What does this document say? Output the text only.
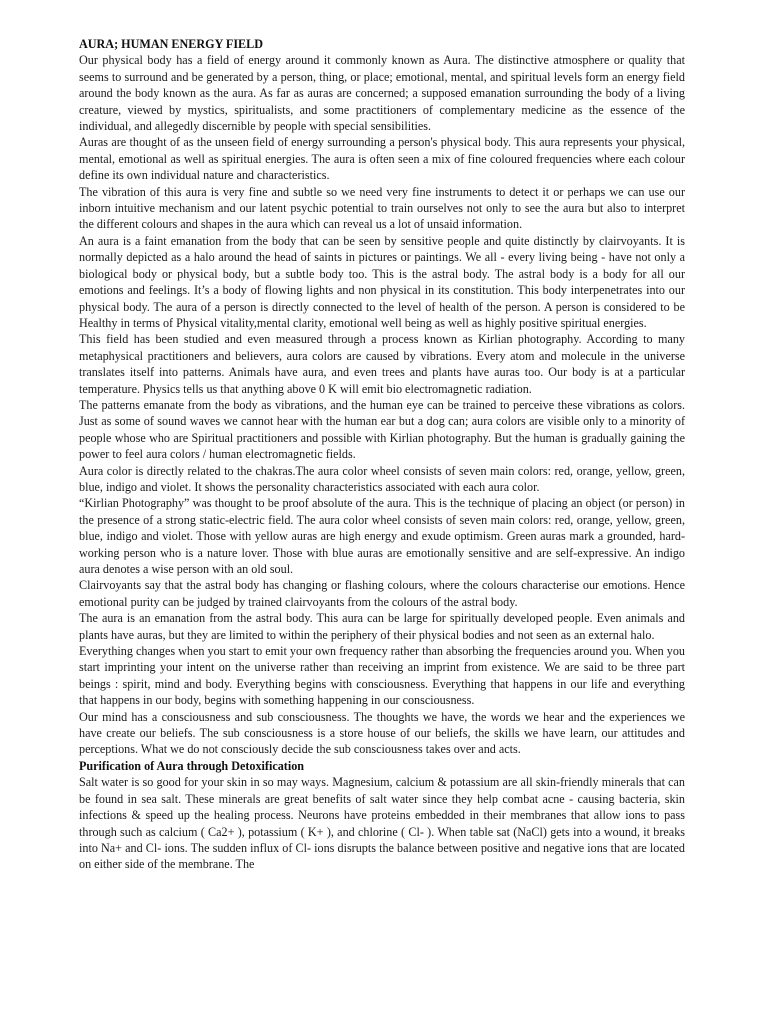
AURA; HUMAN ENERGY FIELD
Our physical body has a field of energy around it commonly known as Aura. The distinctive atmosphere or quality that seems to surround and be generated by a person, thing, or place; emotional, mental, and spiritual levels form an energy field around the body known as the aura. As far as auras are concerned; a supposed emanation surrounding the body of a living creature, viewed by mystics, spiritualists, and some practitioners of complementary medicine as the essence of the individual, and allegedly discernible by people with special sensibilities.
Auras are thought of as the unseen field of energy surrounding a person's physical body. This aura represents your physical, mental, emotional as well as spiritual energies. The aura is often seen a mix of fine coloured frequencies where each colour define its own individual nature and characteristics.
The vibration of this aura is very fine and subtle so we need very fine instruments to detect it or perhaps we can use our inborn intuitive mechanism and our latent psychic potential to train ourselves not only to see the aura but also to interpret the different colours and shapes in the aura which can reveal us a lot of unsaid information.
An aura is a faint emanation from the body that can be seen by sensitive people and quite distinctly by clairvoyants. It is normally depicted as a halo around the head of saints in pictures or paintings. We all - every living being - have not only a biological body or physical body, but a subtle body too. This is the astral body. The astral body is a body for all our emotions and feelings. It’s a body of flowing lights and non physical in its constitution. This body interpenetrates into our physical body. The aura of a person is directly connected to the level of health of the person. A person is considered to be Healthy in terms of Physical vitality,mental clarity, emotional well being as well as highly positive spiritual energies.
This field has been studied and even measured through a process known as Kirlian photography. According to many metaphysical practitioners and believers, aura colors are caused by vibrations. Every atom and molecule in the universe translates itself into patterns. Animals have aura, and even trees and plants have auras too. Our body is at a particular temperature. Physics tells us that anything above 0 K will emit bio electromagnetic radiation.
The patterns emanate from the body as vibrations, and the human eye can be trained to perceive these vibrations as colors. Just as some of sound waves we cannot hear with the human ear but a dog can; aura colors are visible only to a minority of people whose who are Spiritual practitioners and possible with Kirlian photography. But the human is gradually gaining the power to feel aura colors / human electromagnetic fields.
Aura color is directly related to the chakras.The aura color wheel consists of seven main colors: red, orange, yellow, green, blue, indigo and violet. It shows the personality characteristics associated with each aura color.
“Kirlian Photography” was thought to be proof absolute of the aura. This is the technique of placing an object (or person) in the presence of a strong static-electric field. The aura color wheel consists of seven main colors: red, orange, yellow, green, blue, indigo and violet. Those with yellow auras are high energy and exude optimism. Green auras mark a grounded, hard-working person who is a nature lover. Those with blue auras are emotionally sensitive and are self-expressive. An indigo aura denotes a wise person with an old soul.
Clairvoyants say that the astral body has changing or flashing colours, where the colours characterise our emotions. Hence emotional purity can be judged by trained clairvoyants from the colours of the astral body.
The aura is an emanation from the astral body. This aura can be large for spiritually developed people. Even animals and plants have auras, but they are limited to within the periphery of their physical bodies and not seen as an external halo.
Everything changes when you start to emit your own frequency rather than absorbing the frequencies around you. When you start imprinting your intent on the universe rather than receiving an imprint from existence. We are said to be three part beings : spirit, mind and body. Everything begins with consciousness. Everything that happens in our life and everything that happens in our body, begins with something happening in our consciousness.
Our mind has a consciousness and sub consciousness. The thoughts we have, the words we hear and the experiences we have create our beliefs. The sub consciousness is a store house of our beliefs, the skills we have learn, our attitudes and perceptions. What we do not consciously decide the sub consciousness takes over and acts.
Purification of Aura through Detoxification
Salt water is so good for your skin in so may ways. Magnesium, calcium & potassium are all skin-friendly minerals that can be found in sea salt. These minerals are great benefits of salt water since they help combat acne - causing bacteria, skin infections & speed up the healing process. Neurons have proteins embedded in their membranes that allow ions to pass through such as calcium ( Ca2+ ), potassium ( K+ ), and chlorine ( Cl- ). When table sat (NaCl) gets into a wound, it breaks into Na+ and Cl- ions. The sudden influx of Cl- ions disrupts the balance between positive and negative ions that are located on either side of the membrane. The
